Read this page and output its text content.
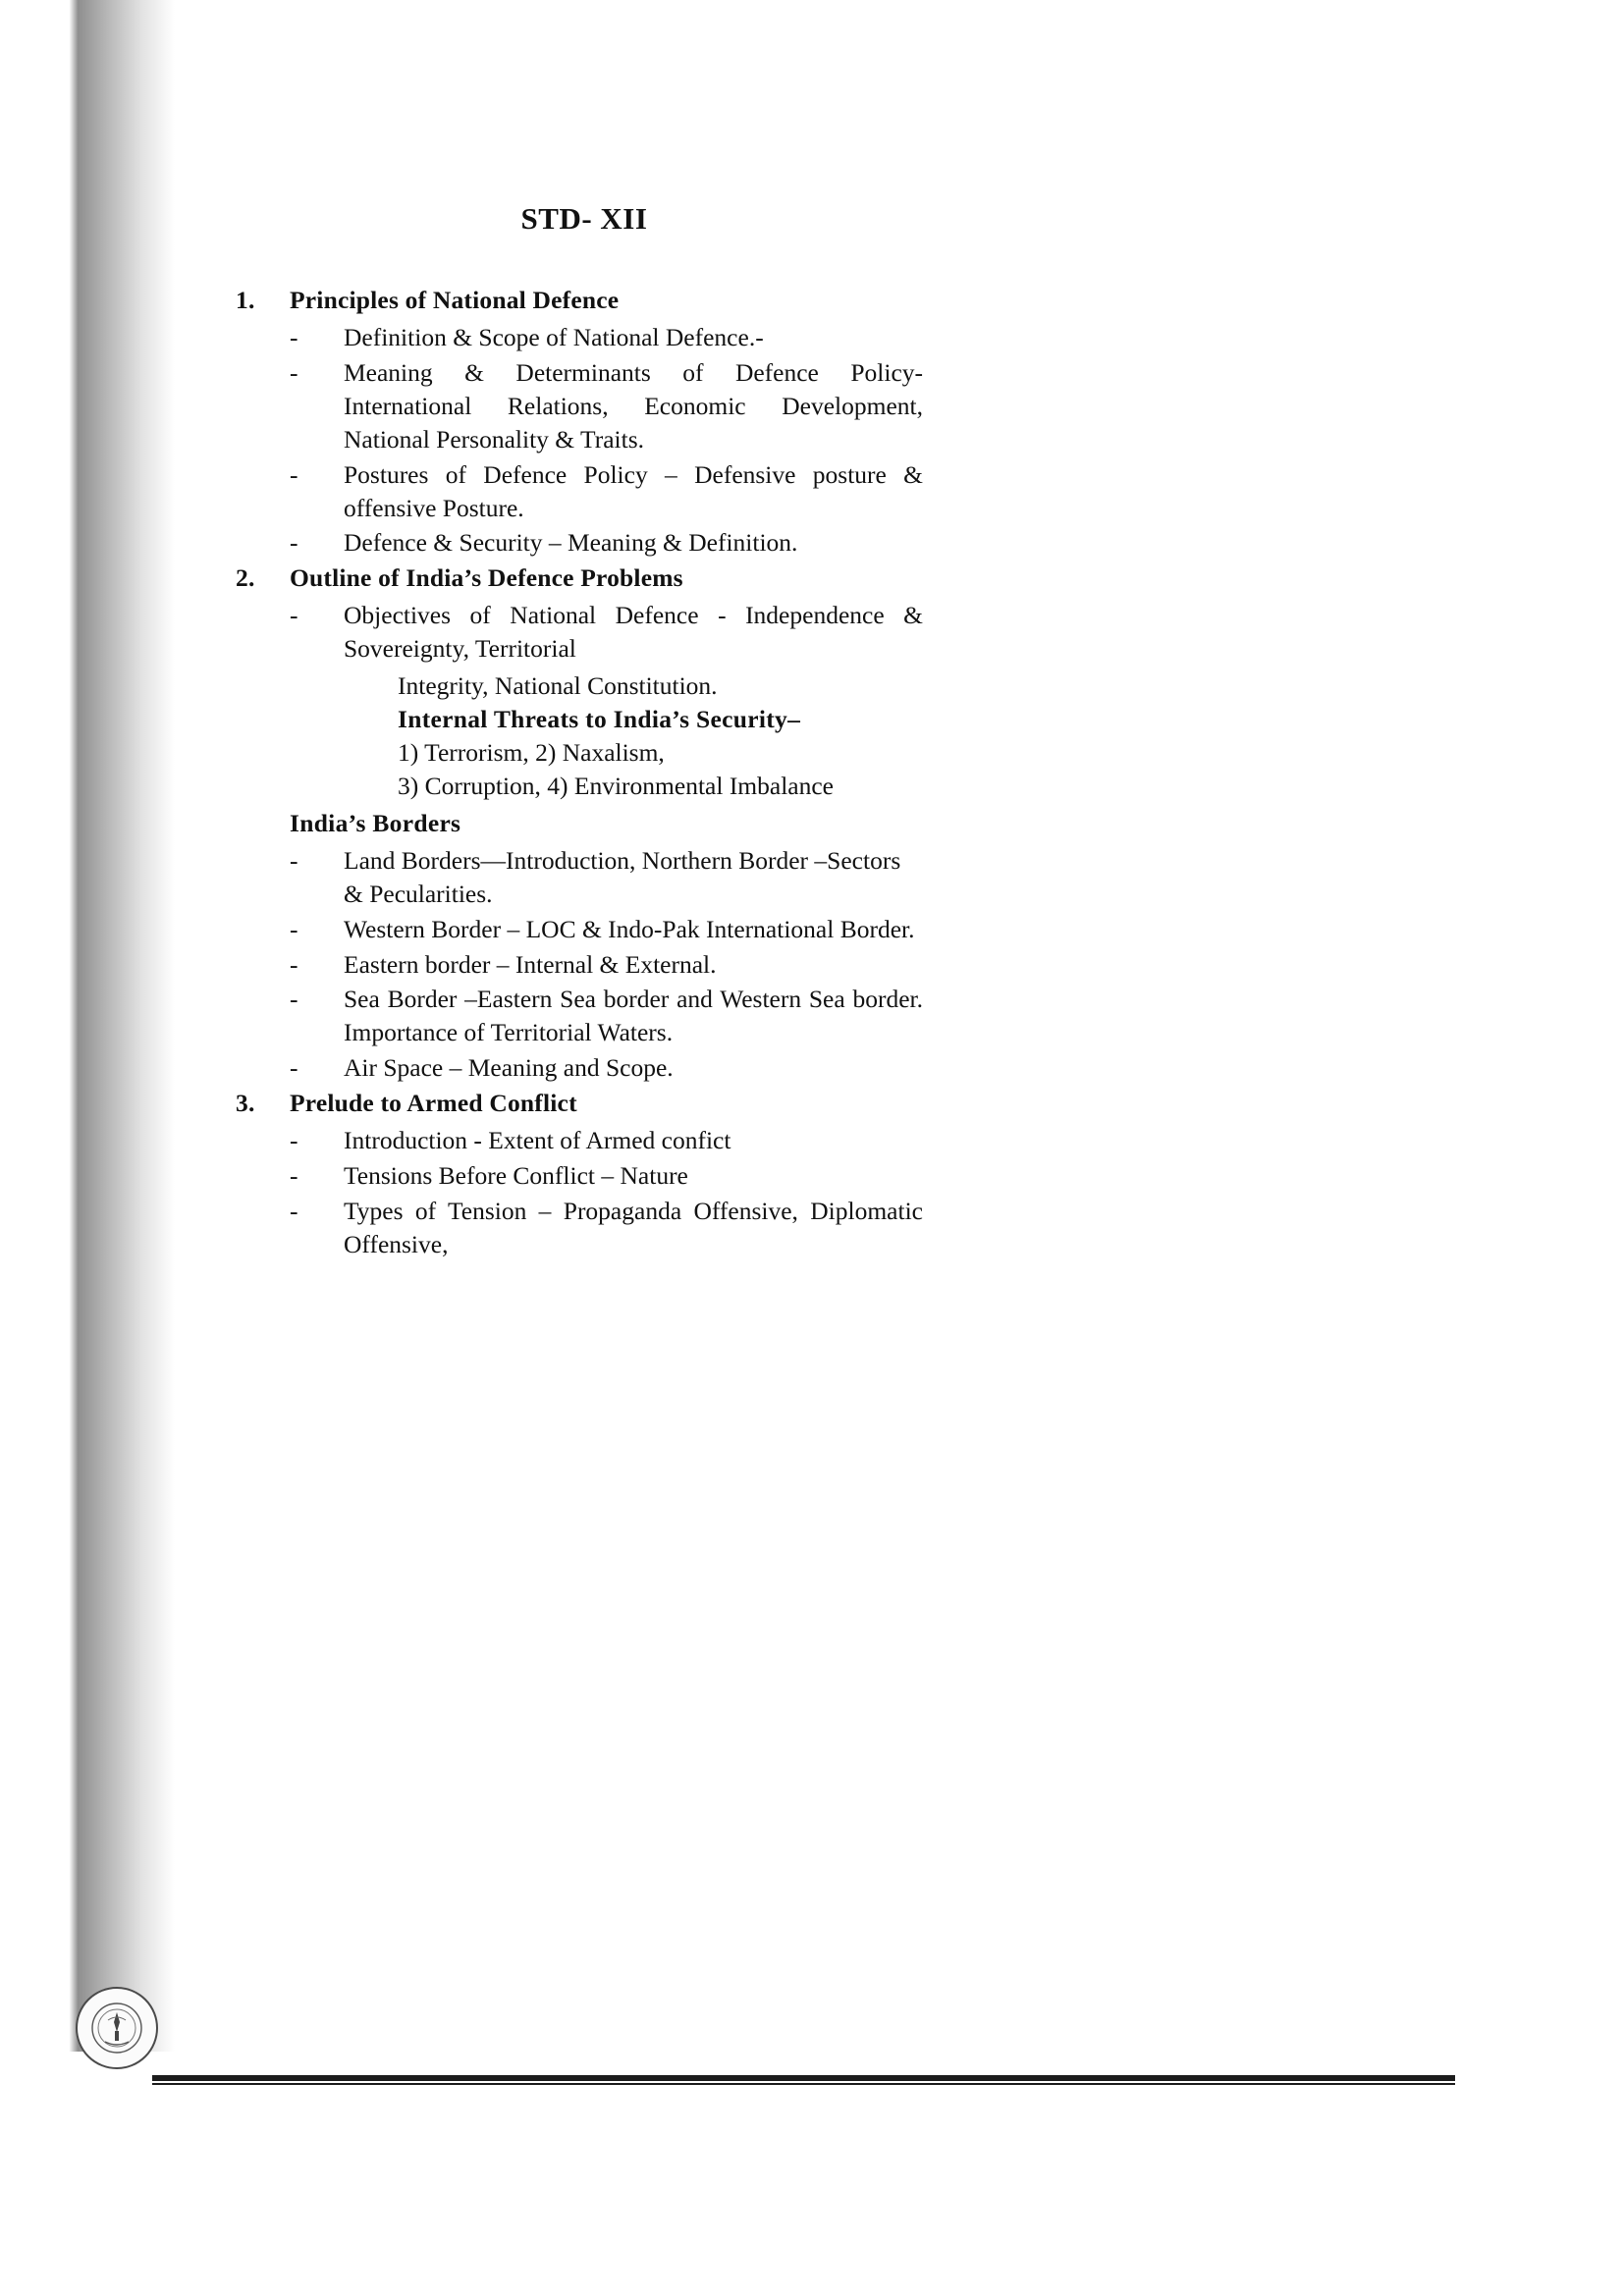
STD- XII
1.	Principles of National Defence
-	Definition & Scope of National Defence.-
-	Meaning & Determinants of Defence Policy- International Relations, Economic Development, National Personality & Traits.
-	Postures of Defence Policy – Defensive posture & offensive Posture.
-	Defence & Security – Meaning & Definition.
2.	Outline of India’s Defence Problems
-	Objectives of National Defence - Independence & Sovereignty, Territorial
Integrity, National Constitution.
Internal Threats to India’s Security–
1) Terrorism, 2) Naxalism,
3) Corruption, 4) Environmental Imbalance
India’s Borders
-	Land Borders—Introduction, Northern Border –Sectors & Pecularities.
-	Western Border – LOC & Indo-Pak International Border.
-	Eastern border – Internal & External.
-	Sea Border –Eastern Sea border and Western Sea border. Importance of Territorial Waters.
-	Air Space – Meaning and Scope.
3.	Prelude to Armed Conflict
-	Introduction - Extent of Armed confict
-	Tensions Before Conflict – Nature
-	Types of Tension – Propaganda Offensive, Diplomatic Offensive,
